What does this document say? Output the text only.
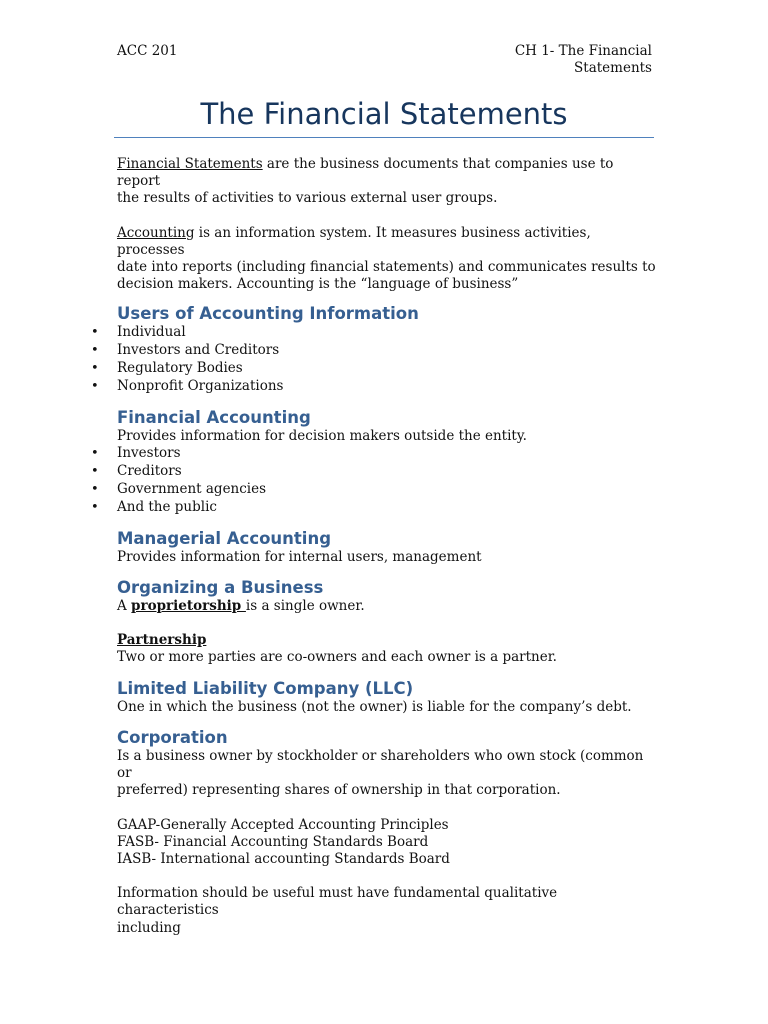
ACC 201	CH 1- The Financial
Statements
The Financial Statements

Financial Statements are the business documents that companies use to report
the results of activities to various external user groups.

Accounting is an information system. It measures business activities, processes
date into reports (including financial statements) and communicates results to
decision makers. Accounting is the “language of business”

Users of Accounting Information
• Individual
• Investors and Creditors
• Regulatory Bodies
• Nonprofit Organizations
Financial Accounting

Provides information for decision makers outside the entity.

• Investors
• Creditors
• Government agencies
• And the public
Managerial Accounting

Provides information for internal users, management

Organizing a Business

A proprietorship is a single owner.

Partnership

Two or more parties are co-owners and each owner is a partner.

Limited Liability Company (LLC)

One in which the business (not the owner) is liable for the company’s debt.

Corporation

Is a business owner by stockholder or shareholders who own stock (common or
preferred) representing shares of ownership in that corporation.

GAAP-Generally Accepted Accounting Principles

FASB- Financial Accounting Standards Board

IASB- International accounting Standards Board

Information should be useful must have fundamental qualitative characteristics
including
